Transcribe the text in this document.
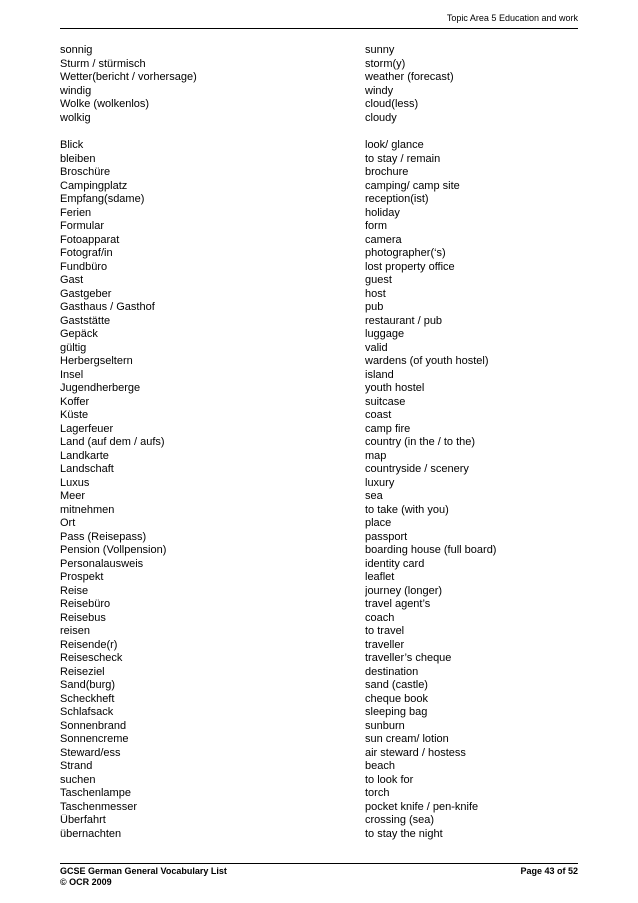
Topic Area 5 Education and work
sonnig	sunny
Sturm / stürmisch	storm(y)
Wetter(bericht / vorhersage)	weather (forecast)
windig	windy
Wolke (wolkenlos)	cloud(less)
wolkig	cloudy
Blick	look/ glance
bleiben	to stay / remain
Broschüre	brochure
Campingplatz	camping/ camp site
Empfang(sdame)	reception(ist)
Ferien	holiday
Formular	form
Fotoapparat	camera
Fotograf/in	photographer(‘s)
Fundbüro	lost property office
Gast	guest
Gastgeber	host
Gasthaus / Gasthof	pub
Gaststätte	restaurant / pub
Gepäck	luggage
gültig	valid
Herbergseltern	wardens (of youth hostel)
Insel	island
Jugendherberge	youth hostel
Koffer	suitcase
Küste	coast
Lagerfeuer	camp fire
Land (auf dem / aufs)	country (in the / to the)
Landkarte	map
Landschaft	countryside / scenery
Luxus	luxury
Meer	sea
mitnehmen	to take (with you)
Ort	place
Pass (Reisepass)	passport
Pension (Vollpension)	boarding house (full board)
Personalausweis	identity card
Prospekt	leaflet
Reise	journey (longer)
Reisebüro	travel agent’s
Reisebus	coach
reisen	to travel
Reisende(r)	traveller
Reisescheck	traveller’s cheque
Reiseziel	destination
Sand(burg)	sand (castle)
Scheckheft	cheque book
Schlafsack	sleeping bag
Sonnenbrand	sunburn
Sonnencreme	sun cream/ lotion
Steward/ess	air steward / hostess
Strand	beach
suchen	to look for
Taschenlampe	torch
Taschenmesser	pocket knife / pen-knife
Überfahrt	crossing (sea)
übernachten	to stay the night
GCSE German General Vocabulary List	Page 43 of 52
© OCR 2009
